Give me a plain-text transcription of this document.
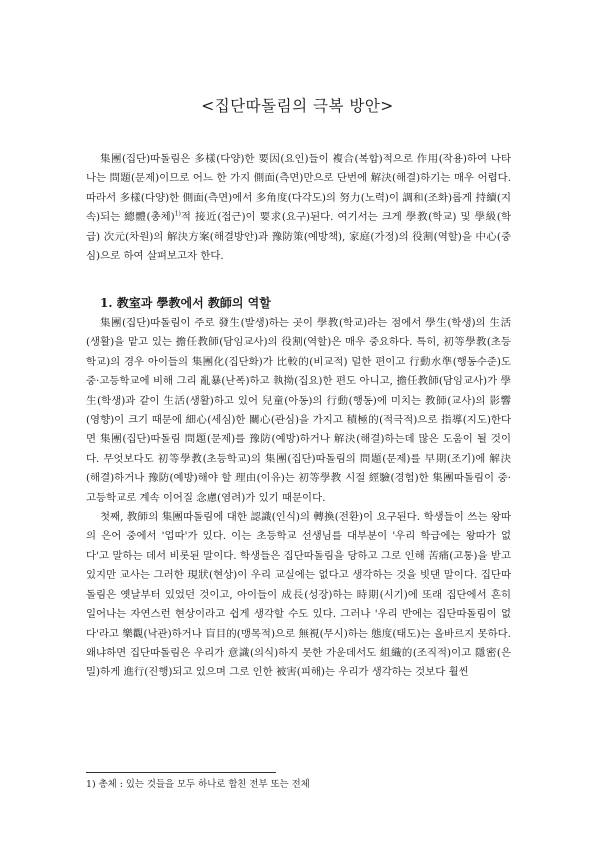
<집단따돌림의 극복 방안>

集團(집단)따돌림은 多樣(다양)한 要因(요인)들이 複合(복합)적으로 作用(작용)하여 나타나는 問題(문제)이므로 어느 한 가지 側面(측면)만으로 단번에 解決(해결)하기는 매우 어렵다. 따라서 多樣(다양)한 側面(측면)에서 多角度(다각도)의 努力(노력)이 調和(조화)롭게 持續(지속)되는 總體(총체)$^{1)}$적 接近(접근)이 要求(요구)된다. 여기서는 크게 學教(학교) 및 學級(학급) 次元(차원)의 解決方案(해결방안)과 豫防策(예방책), 家庭(가정)의 役割(역할)을 中心(중심)으로 하여 살펴보고자 한다.

1. 教室과 學教에서 教師의 역할

集團(집단)따돌림이 주로 發生(발생)하는 곳이 學教(학교)라는 점에서 學生(학생)의 生活(생활)을 맡고 있는 擔任教師(담임교사)의 役割(역할)은 매우 중요하다. 특히, 初等學教(초등학교)의 경우 아이들의 集團化(집단화)가 比較的(비교적) 덜한 편이고 行動水準(행동수준)도 중·고등학교에 비해 그리 亂暴(난폭)하고 執拗(집요)한 편도 아니고, 擔任教師(담임교사)가 學生(학생)과 같이 生活(생활)하고 있어 兒童(아동)의 行動(행동)에 미치는 教師(교사)의 影響(영향)이 크기 때문에 細心(세심)한 關心(관심)을 가지고 積極的(적극적)으로 指導(지도)한다면 集團(집단)따돌림 問題(문제)를 豫防(예방)하거나 解決(해결)하는데 많은 도움이 될 것이다. 무엇보다도 初等學教(초등학교)의 集團(집단)따돌림의 問題(문제)를 早期(조기)에 解決(해결)하거나 豫防(예방)해야 할 理由(이유)는 初等學教 시절 經驗(경험)한 集團따돌림이 중·고등학교로 계속 이어질 念慮(염려)가 있기 때문이다.

첫째, 教師의 集團따돌림에 대한 認識(인식)의 轉換(전환)이 요구된다. 학생들이 쓰는 왕따의 은어 중에서 '업따'가 있다. 이는 초등학교 선생님를 대부분이 '우리 학급에는 왕따가 없다'고 말하는 데서 비롯된 말이다. 학생들은 집단따돌림을 당하고 그로 인해 苦痛(고통)을 받고 있지만 교사는 그러한 現狀(현상)이 우리 교실에는 없다고 생각하는 것을 빗댄 말이다. 집단따돌림은 옛날부터 있었던 것이고, 아이들이 成長(성장)하는 時期(시기)에 또래 집단에서 흔히 일어나는 자연스런 현상이라고 쉽게 생각할 수도 있다. 그러나 '우리 반에는 집단따돌림이 없다'라고 樂觀(낙관)하거나 盲目的(맹목적)으로 無視(무시)하는 態度(태도)는 올바르지 못하다. 왜냐하면 집단따돌림은 우리가 意識(의식)하지 못한 가운데서도 組織的(조직적)이고 隱密(은밀)하게 進行(진행)되고 있으며 그로 인한 被害(피해)는 우리가 생각하는 것보다 훨씬

1) 총체 : 있는 것들을 모두 하나로 합친 전부 또는 전체
